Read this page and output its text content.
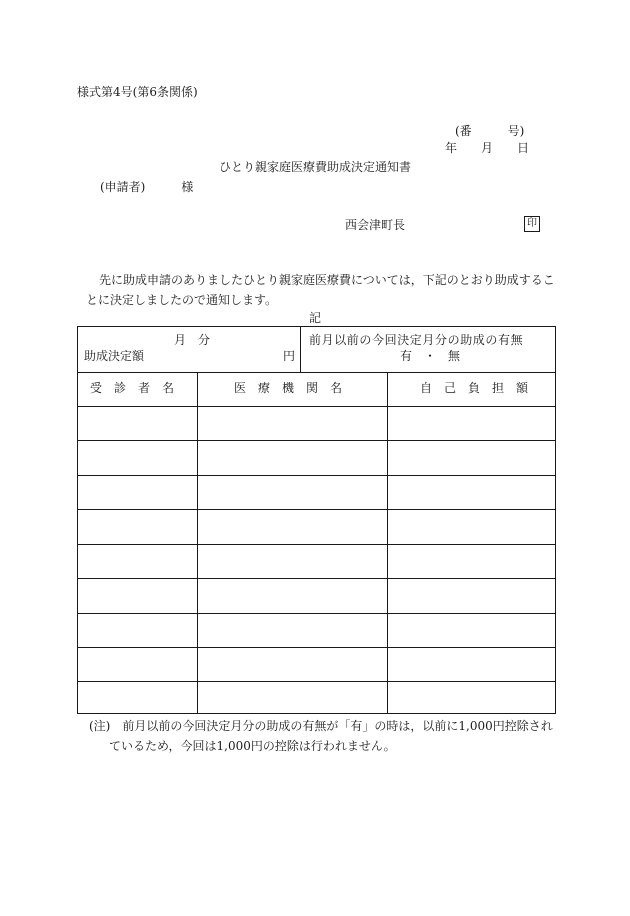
様式第4号(第6条関係)
(番　　　号)
年　　月　　日
ひとり親家庭医療費助成決定通知書
(申請者)　　　様
西会津町長	印
先に助成申請のありましたひとり親家庭医療費については，下記のとおり助成するこ
とに決定しましたので通知します。
記
月　分
助成決定額	円
前月以前の今回決定月分の助成の有無
有　・　無
受　診　者　名	医　療　機　関　名	自　己　負　担　額
(注)　前月以前の今回決定月分の助成の有無が「有」の時は，以前に1,000円控除され
ているため，今回は1,000円の控除は行われません。
